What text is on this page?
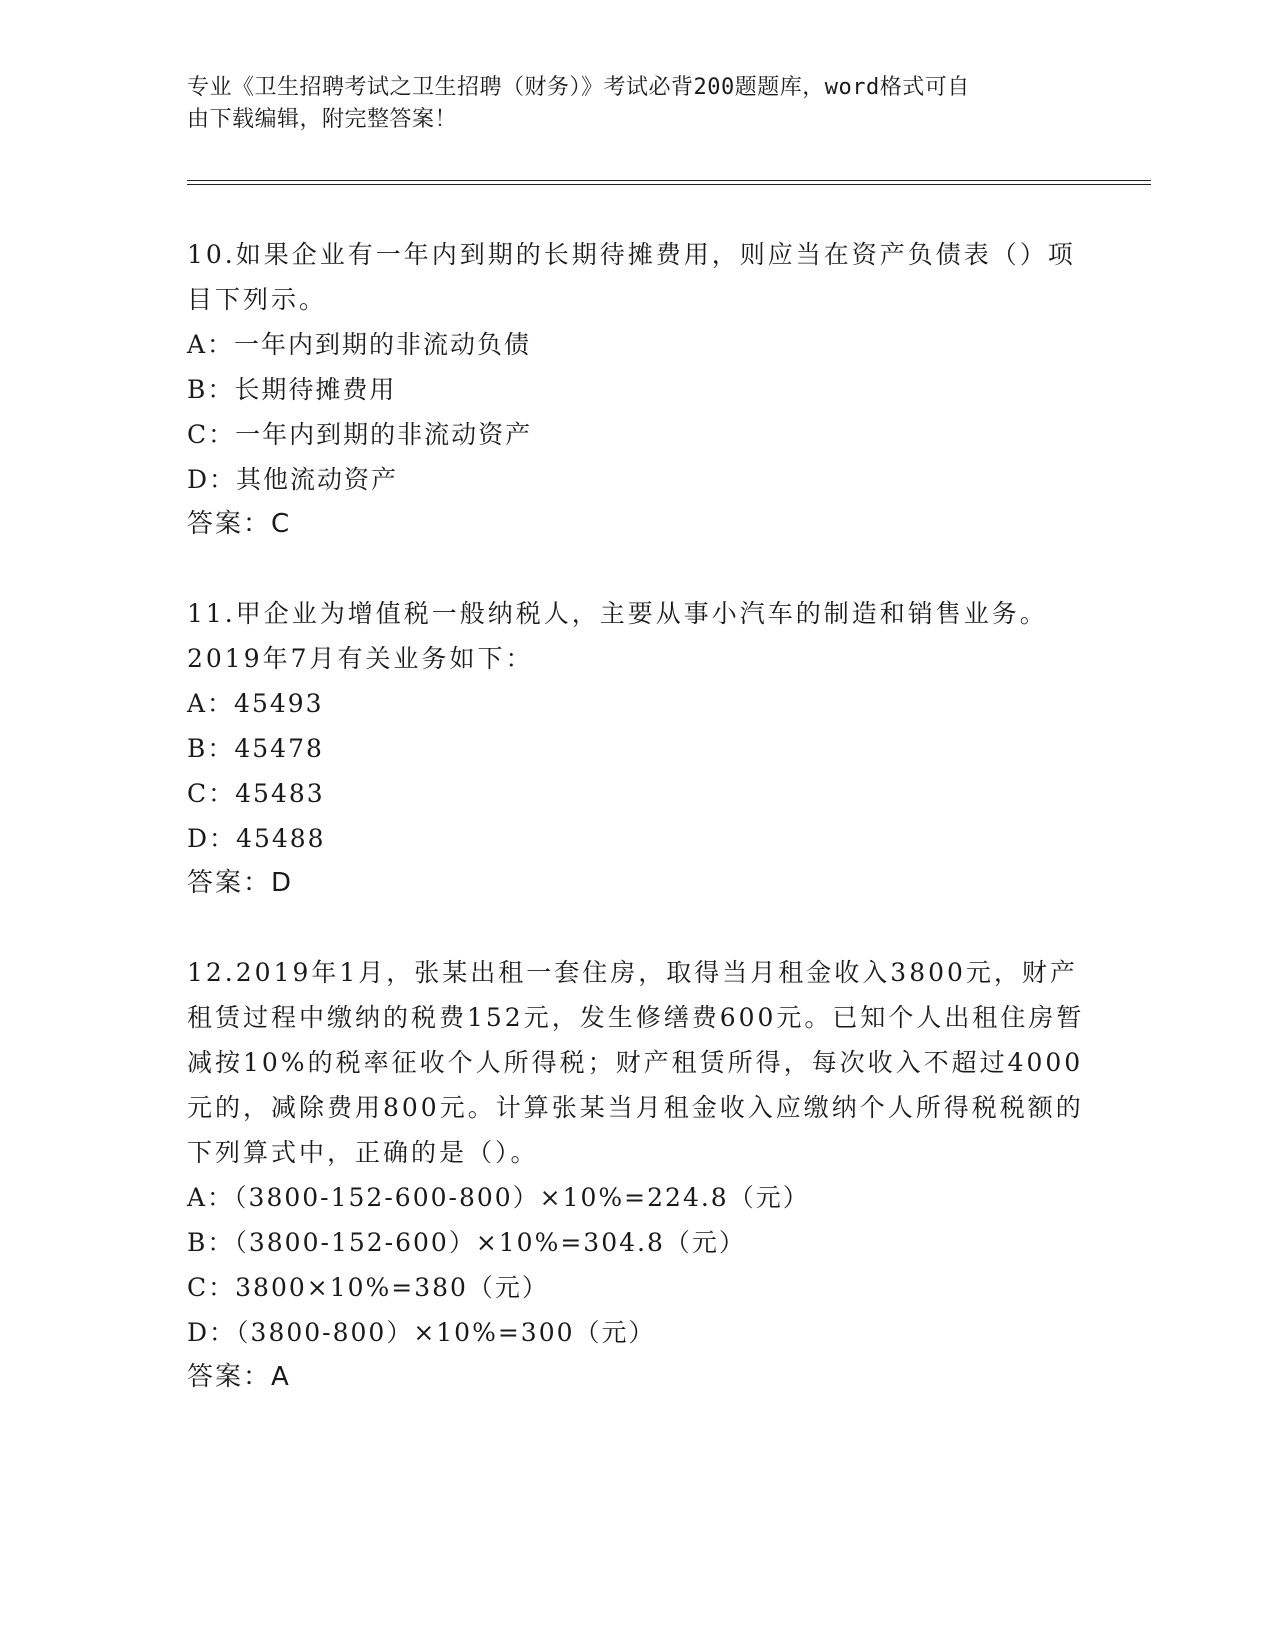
专业《卫生招聘考试之卫生招聘（财务）》考试必背200题题库，word格式可自
由下载编辑，附完整答案！

10.如果企业有一年内到期的长期待摊费用，则应当在资产负债表（）项目下列示。

A：一年内到期的非流动负债

B：长期待摊费用

C：一年内到期的非流动资产

D：其他流动资产

答案：C

11.甲企业为增值税一般纳税人，主要从事小汽车的制造和销售业务。2019年7月有关业务如下：

A：45493

B：45478

C：45483

D：45488

答案：D

12.2019年1月，张某出租一套住房，取得当月租金收入3800元，财产租赁过程中缴纳的税费152元，发生修缮费600元。已知个人出租住房暂减按10%的税率征收个人所得税；财产租赁所得，每次收入不超过4000元的，减除费用800元。计算张某当月租金收入应缴纳个人所得税税额的下列算式中，正确的是（）。

A：（3800-152-600-800）×10%=224.8（元）

B：（3800-152-600）×10%=304.8（元）

C：3800×10%=380（元）

D：（3800-800）×10%=300（元）

答案：A
